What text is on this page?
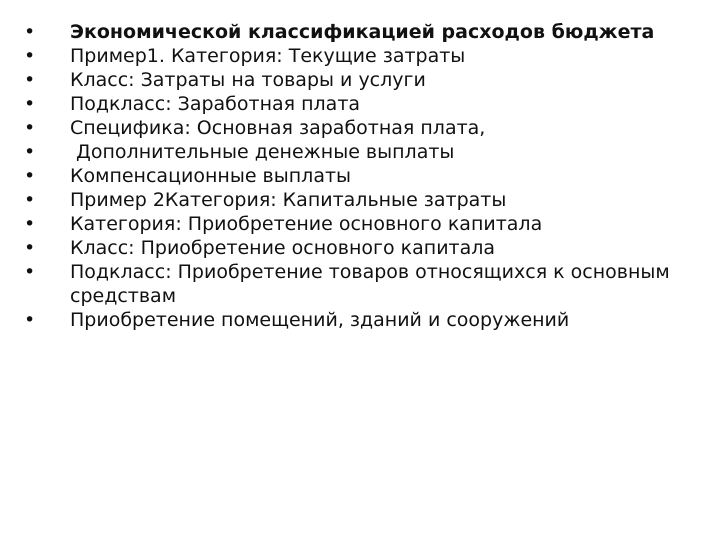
•	Экономической классификацией расходов бюджета
•	Пример1. Категория: Текущие затраты
•	Класс: Затраты на товары и услуги
•	Подкласс: Заработная плата
•	Специфика: Основная заработная плата,
•	Дополнительные денежные выплаты
•	Компенсационные выплаты
•	Пример 2Категория: Капитальные затраты
•	Категория: Приобретение основного капитала
•	Класс: Приобретение основного капитала
•	Подкласс: Приобретение товаров относящихся к основным   средствам
•	Приобретение помещений, зданий и сооружений
